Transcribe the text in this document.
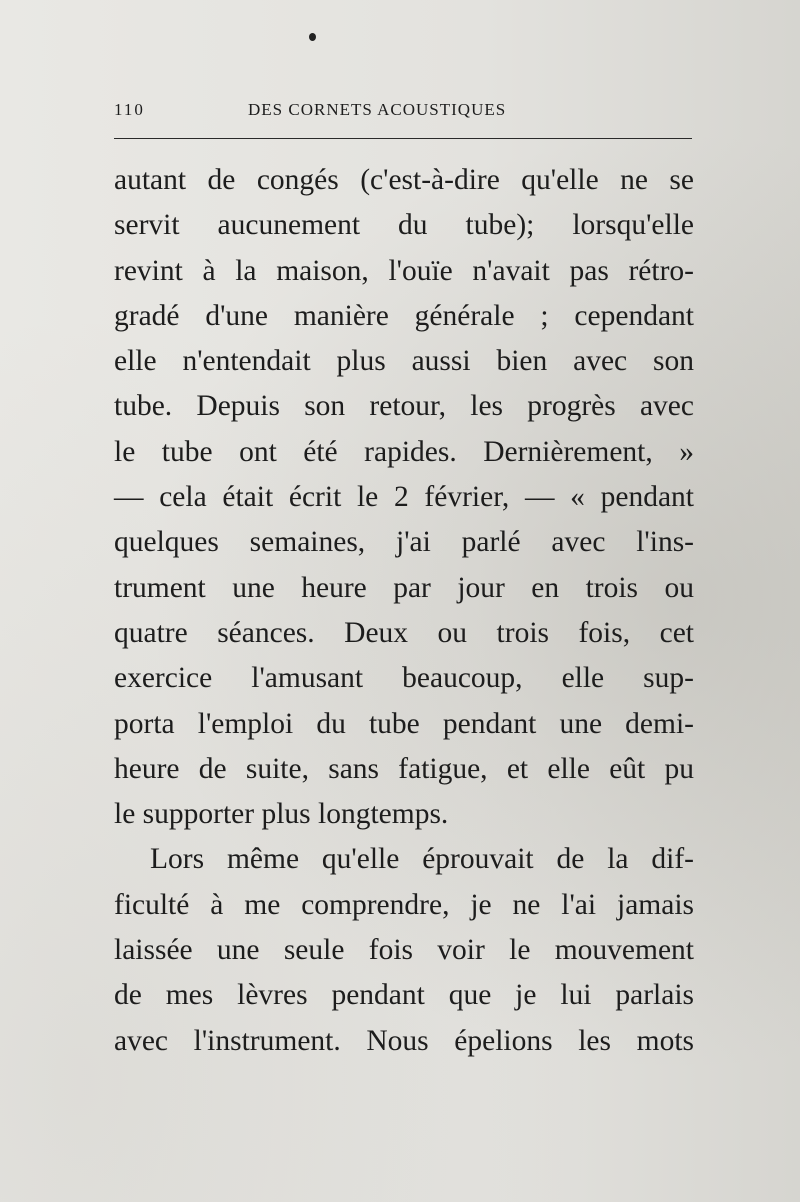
110	DES CORNETS ACOUSTIQUES
autant de congés (c'est-à-dire qu'elle ne se
servit aucunement du tube); lorsqu'elle
revint à la maison, l'ouïe n'avait pas rétro-
gradé d'une manière générale ; cependant
elle n'entendait plus aussi bien avec son
tube. Depuis son retour, les progrès avec
le tube ont été rapides. Dernièrement, »
— cela était écrit le 2 février, — « pendant
quelques semaines, j'ai parlé avec l'ins-
trument une heure par jour en trois ou
quatre séances. Deux ou trois fois, cet
exercice l'amusant beaucoup, elle sup-
porta l'emploi du tube pendant une demi-
heure de suite, sans fatigue, et elle eût pu
le supporter plus longtemps.
Lors même qu'elle éprouvait de la dif-
ficulté à me comprendre, je ne l'ai jamais
laissée une seule fois voir le mouvement
de mes lèvres pendant que je lui parlais
avec l'instrument. Nous épelions les mots
